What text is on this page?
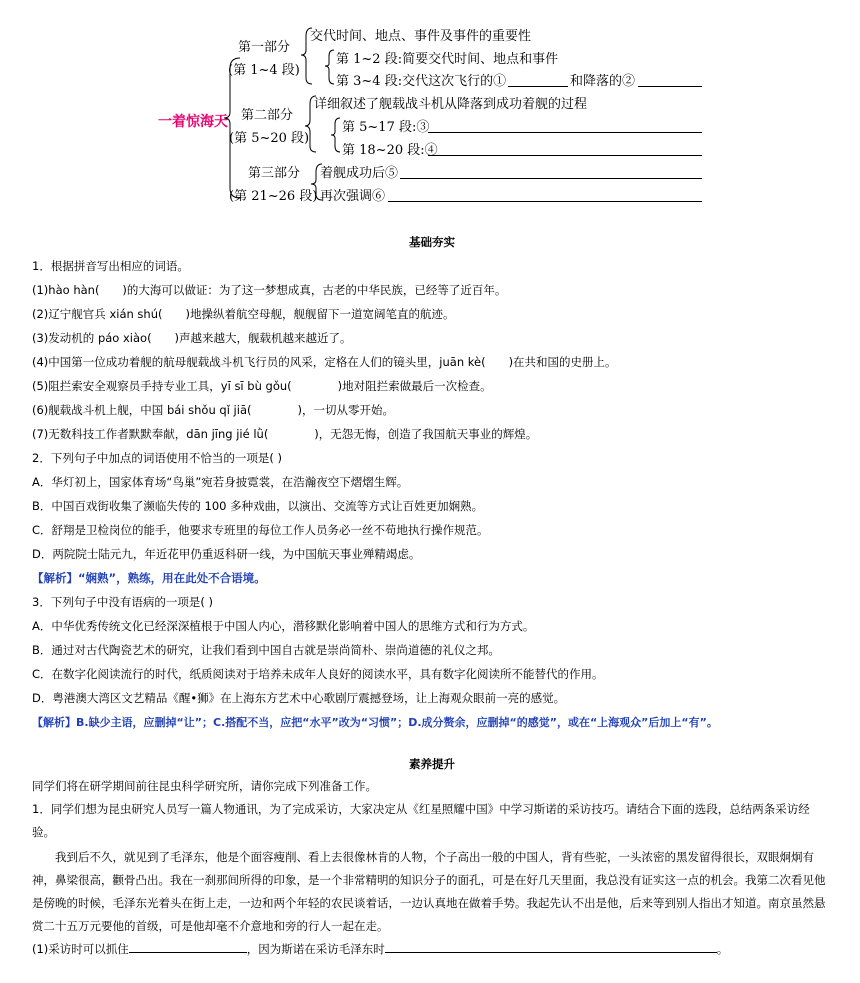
一着惊海天
第一部分
(第 1~4 段)
交代时间、地点、事件及事件的重要性
第 1~2 段:简要交代时间、地点和事件
第 3~4 段:交代这次飞行的①	和降落的②
第二部分
(第 5~20 段)
详细叙述了舰载战斗机从降落到成功着舰的过程
第 5~17 段:③
第 18~20 段:④
第三部分
(第 21~26 段)
着舰成功后⑤
再次强调⑥
基础夯实
1．根据拼音写出相应的词语。
(1)hào hàn(　　)的大海可以做证：为了这一梦想成真，古老的中华民族，已经等了近百年。
(2)辽宁舰官兵 xián shú(　　)地操纵着航空母舰，舰舰留下一道宽阔笔直的航迹。
(3)发动机的 páo xiào(　　)声越来越大，舰载机越来越近了。
(4)中国第一位成功着舰的航母舰载战斗机飞行员的风采，定格在人们的镜头里，juān kè(　　)在共和国的史册上。
(5)阻拦索安全观察员手持专业工具，yī sī bù gǒu(　　　　)地对阻拦索做最后一次检查。
(6)舰载战斗机上舰，中国 bái shǒu qǐ jiā(　　　　)，一切从零开始。
(7)无数科技工作者默默奉献，dān jīng jié lǜ(　　　　)，无怨无悔，创造了我国航天事业的辉煌。
2．下列句子中加点的词语使用不恰当的一项是( )
A．华灯初上，国家体育场“鸟巢”宛若身披霓裳，在浩瀚夜空下熠熠生辉。
B．中国百戏街收集了濒临失传的 100 多种戏曲，以演出、交流等方式让百姓更加娴熟。
C．舒翔是卫检岗位的能手，他要求专班里的每位工作人员务必一丝不苟地执行操作规范。
D．两院院士陆元九，年近花甲仍重返科研一线，为中国航天事业殚精竭虑。
【解析】“娴熟”，熟练，用在此处不合语境。
3．下列句子中没有语病的一项是( )
A．中华优秀传统文化已经深深植根于中国人内心，潜移默化影响着中国人的思维方式和行为方式。
B．通过对古代陶瓷艺术的研究，让我们看到中国自古就是崇尚简朴、崇尚道德的礼仪之邦。
C．在数字化阅读流行的时代，纸质阅读对于培养未成年人良好的阅读水平，具有数字化阅读所不能替代的作用。
D．粤港澳大湾区文艺精品《醒•狮》在上海东方艺术中心歌剧厅震撼登场，让上海观众眼前一亮的感觉。
【解析】B.缺少主语，应删掉“让”；C.搭配不当，应把“水平”改为“习惯”；D.成分赘余，应删掉“的感觉”，或在“上海观众”后加上“有”。
素养提升
同学们将在研学期间前往昆虫科学研究所，请你完成下列准备工作。
1．同学们想为昆虫研究人员写一篇人物通讯，为了完成采访，大家决定从《红星照耀中国》中学习斯诺的采访技巧。请结合下面的选段，总结两条采访经验。
我到后不久，就见到了毛泽东，他是个面容瘦削、看上去很像林肯的人物，个子高出一般的中国人，背有些驼，一头浓密的黑发留得很长，双眼炯炯有神，鼻梁很高，颧骨凸出。我在一刹那间所得的印象，是一个非常精明的知识分子的面孔，可是在好几天里面，我总没有证实这一点的机会。我第二次看见他是傍晚的时候，毛泽东光着头在街上走，一边和两个年轻的农民谈着话，一边认真地在做着手势。我起先认不出是他，后来等到别人指出才知道。南京虽然悬赏二十五万元要他的首级，可是他却毫不介意地和旁的行人一起在走。
(1)采访时可以抓住	，因为斯诺在采访毛泽东时	。
